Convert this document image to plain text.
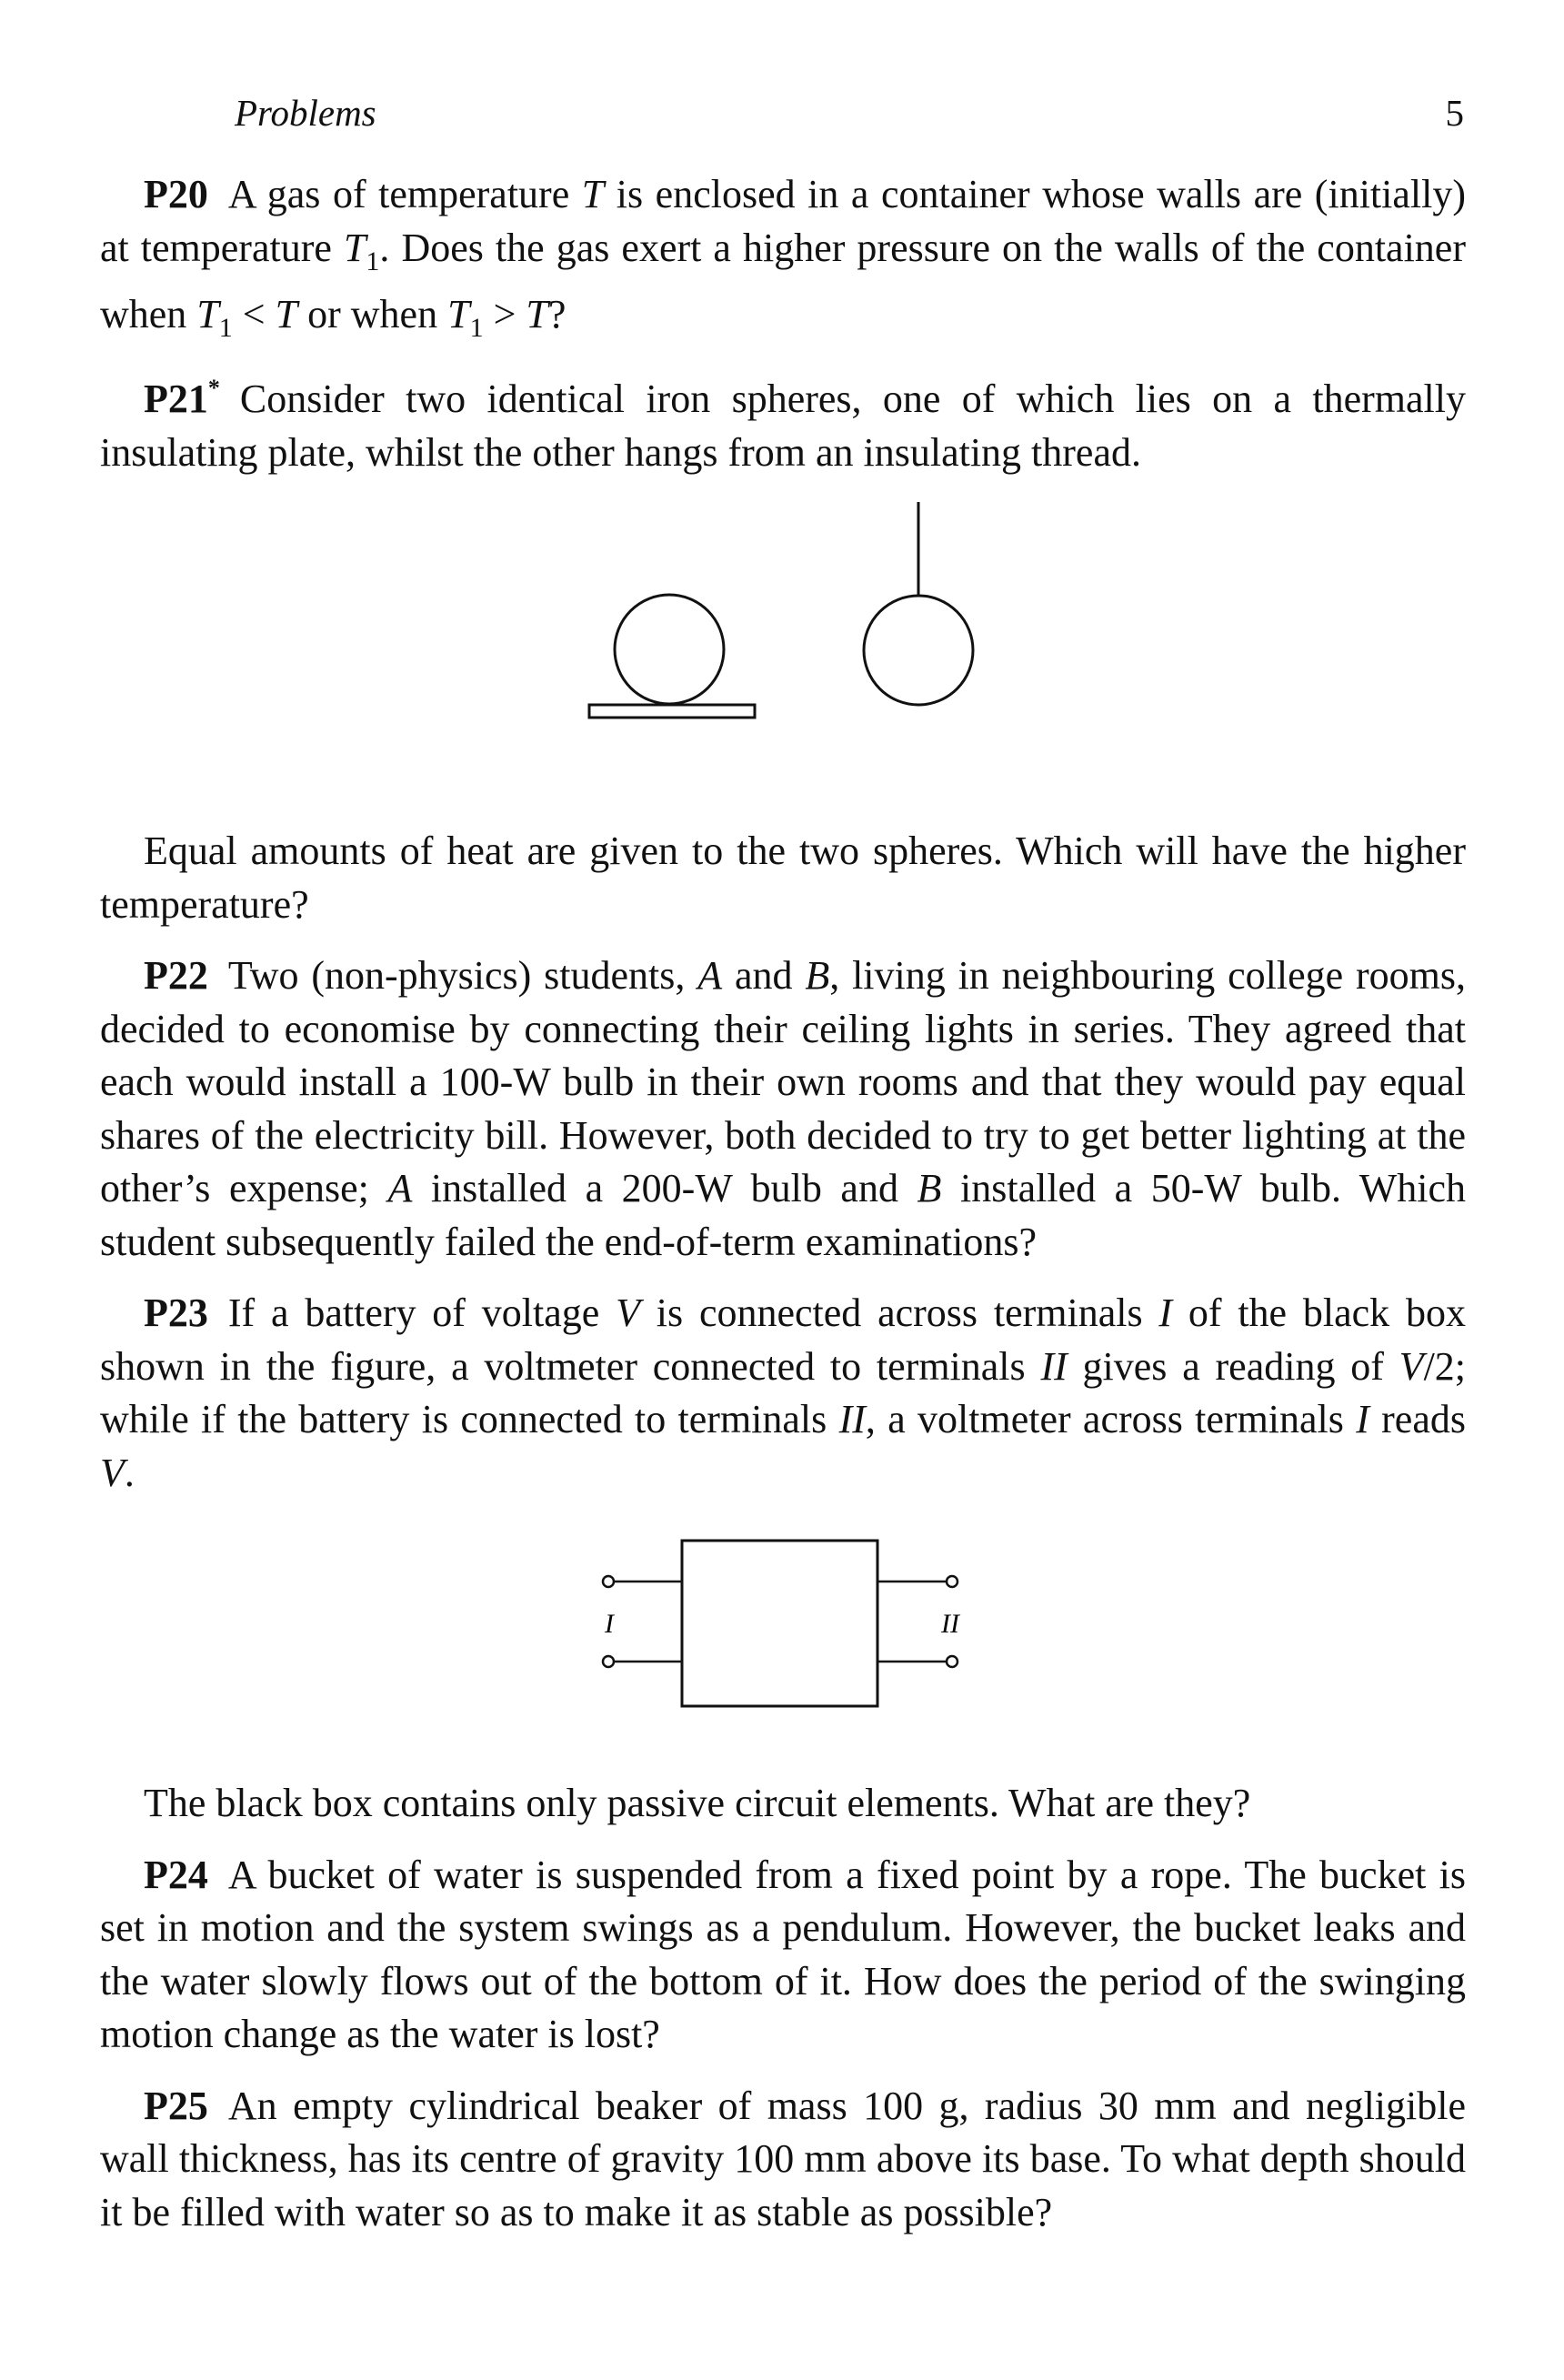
Problems	5

P20  A gas of temperature T is enclosed in a container whose walls are (initially) at temperature $T_1$. Does the gas exert a higher pressure on the walls of the container when $T_1 < T$ or when $T_1 > T$?

P21*  Consider two identical iron spheres, one of which lies on a thermally insulating plate, whilst the other hangs from an insulating thread.

Equal amounts of heat are given to the two spheres. Which will have the higher temperature?

P22  Two (non-physics) students, A and B, living in neighbouring college rooms, decided to economise by connecting their ceiling lights in series. They agreed that each would install a 100-W bulb in their own rooms and that they would pay equal shares of the electricity bill. However, both decided to try to get better lighting at the other’s expense; A installed a 200-W bulb and B installed a 50-W bulb. Which student subsequently failed the end-of-term examinations?

P23  If a battery of voltage V is connected across terminals I of the black box shown in the figure, a voltmeter connected to terminals II gives a reading of V/2; while if the battery is connected to terminals II, a voltmeter across terminals I reads V.

I	II

The black box contains only passive circuit elements. What are they?

P24  A bucket of water is suspended from a fixed point by a rope. The bucket is set in motion and the system swings as a pendulum. However, the bucket leaks and the water slowly flows out of the bottom of it. How does the period of the swinging motion change as the water is lost?

P25  An empty cylindrical beaker of mass 100 g, radius 30 mm and negligible wall thickness, has its centre of gravity 100 mm above its base. To what depth should it be filled with water so as to make it as stable as possible?
